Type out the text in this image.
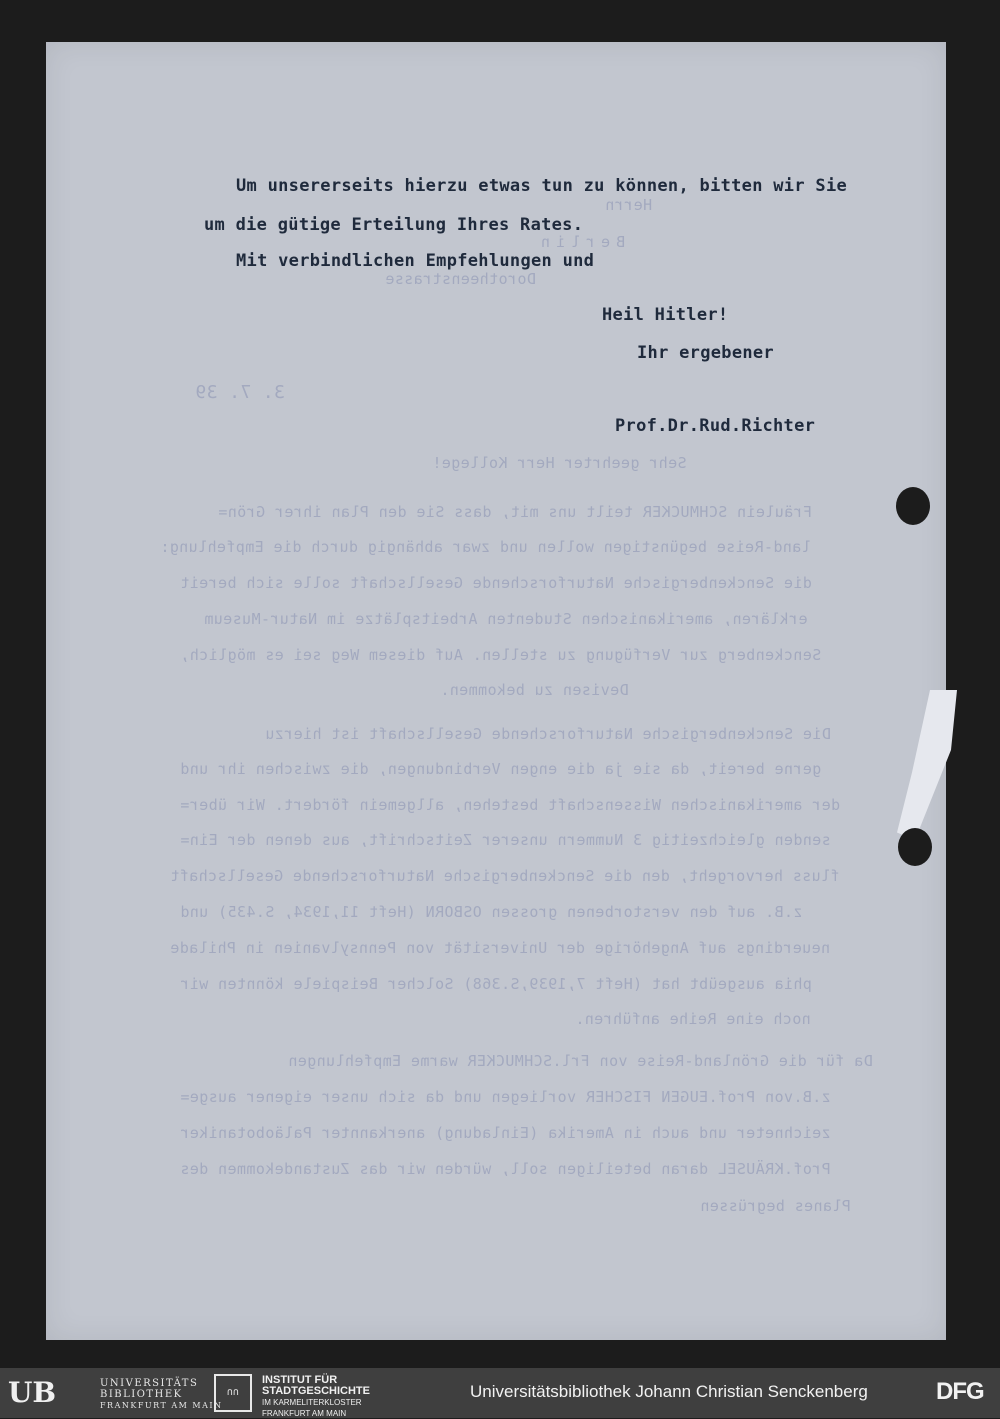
Herrn
Berlin
Dorotheenstrasse
3. 7. 39
Sehr geehrter Herr Kollege!
Fräulein SCHMUCKER teilt uns mit, dass Sie den Plan ihrer Grön=
land-Reise begünstigen wollen und zwar abhängig durch die Empfehlung:
die Senckenbergische Naturforschende Gesellschaft solle sich bereit
erklären, amerikanischen Studenten Arbeitsplätze im Natur-Museum
Senckenberg zur Verfügung zu stellen. Auf diesem Weg sei es möglich,
Devisen zu bekommen.
Die Senckenbergische Naturforschende Gesellschaft ist hierzu
gerne bereit, da sie ja die engen Verbindungen, die zwischen ihr und
der amerikanischen Wissenschaft bestehen, allgemein fördert. Wir über=
senden gleichzeitig 3 Nummern unserer Zeitschrift, aus denen der Ein=
fluss hervorgeht, den die Senckenbergische Naturforschende Gesellschaft
z.B. auf den verstorbenen grossen OSBORN (Heft 11,1934, S.435) und
neuerdings auf Angehörige der Universität von Pennsylvanien in Philade
phia ausgeübt hat (Heft 7,1939,S.368) Solcher Beispiele könnten wir
noch eine Reihe anführen.
Da für die Grönland-Reise von Frl.SCHMUCKER warme Empfehlungen
z.B.von Prof.EUGEN FISCHER vorliegen und da sich unser eigener ausge=
zeichneter und auch in Amerika (Einladung) anerkannter Paläobotaniker
Prof.KRÄUSEL daran beteiligen soll, würden wir das Zustandekommen des
Planes begrüssen
Um unsererseits hierzu etwas tun zu können, bitten wir Sie
um die gütige Erteilung Ihres Rates.
Mit verbindlichen Empfehlungen und
Heil Hitler!
Ihr ergebener
Prof.Dr.Rud.Richter
UB	UNIVERSITÄTS
BIBLIOTHEK
FRANKFURT AM MAIN
∩∩
INSTITUT FÜR
STADTGESCHICHTE
IM KARMELITERKLOSTER
FRANKFURT AM MAIN
Universitätsbibliothek Johann Christian Senckenberg	DFG
